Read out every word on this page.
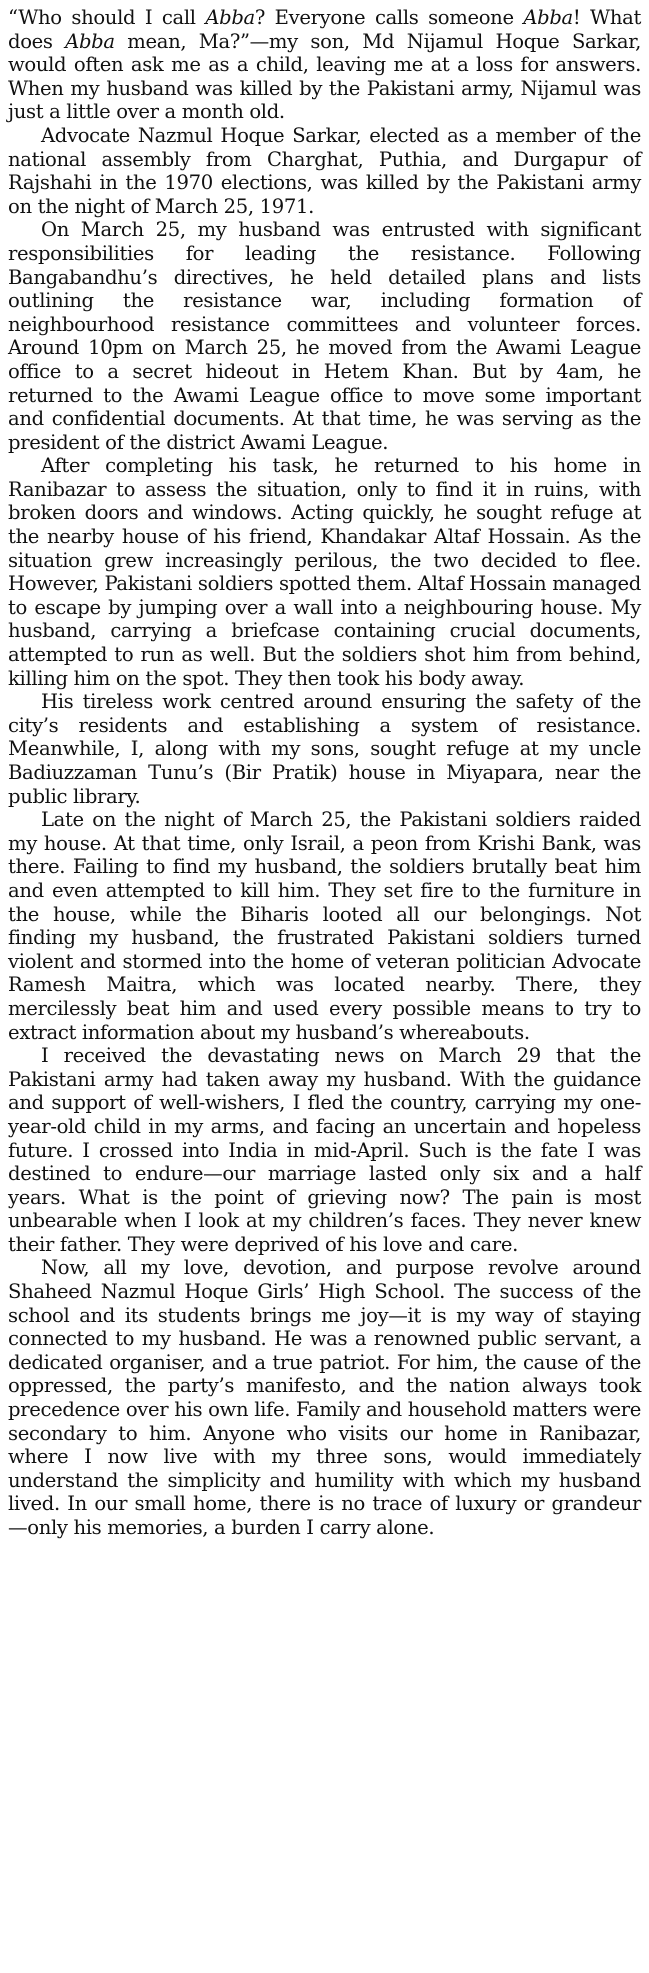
“Who should I call Abba? Everyone calls someone Abba! What does Abba mean, Ma?”—my son, Md Nijamul Hoque Sarkar, would often ask me as a child, leaving me at a loss for answers. When my husband was killed by the Pakistani army, Nijamul was just a little over a month old.

Advocate Nazmul Hoque Sarkar, elected as a member of the national assembly from Charghat, Puthia, and Durgapur of Rajshahi in the 1970 elections, was killed by the Pakistani army on the night of March 25, 1971.

On March 25, my husband was entrusted with significant responsibilities for leading the resistance. Following Bangabandhu’s directives, he held detailed plans and lists outlining the resistance war, including formation of neighbourhood resistance committees and volunteer forces. Around 10pm on March 25, he moved from the Awami League office to a secret hideout in Hetem Khan. But by 4am, he returned to the Awami League office to move some important and confidential documents. At that time, he was serving as the president of the district Awami League.

After completing his task, he returned to his home in Ranibazar to assess the situation, only to find it in ruins, with broken doors and windows. Acting quickly, he sought refuge at the nearby house of his friend, Khandakar Altaf Hossain. As the situation grew increasingly perilous, the two decided to flee. However, Pakistani soldiers spotted them. Altaf Hossain managed to escape by jumping over a wall into a neighbouring house. My husband, carrying a briefcase containing crucial documents, attempted to run as well. But the soldiers shot him from behind, killing him on the spot. They then took his body away.

His tireless work centred around ensuring the safety of the city’s residents and establishing a system of resistance. Meanwhile, I, along with my sons, sought refuge at my uncle Badiuzzaman Tunu’s (Bir Pratik) house in Miyapara, near the public library.

Late on the night of March 25, the Pakistani soldiers raided my house. At that time, only Israil, a peon from Krishi Bank, was there. Failing to find my husband, the soldiers brutally beat him and even attempted to kill him. They set fire to the furniture in the house, while the Biharis looted all our belongings. Not finding my husband, the frustrated Pakistani soldiers turned violent and stormed into the home of veteran politician Advocate Ramesh Maitra, which was located nearby. There, they mercilessly beat him and used every possible means to try to extract information about my husband’s whereabouts.

I received the devastating news on March 29 that the Pakistani army had taken away my husband. With the guidance and support of well-wishers, I fled the country, carrying my one-year-old child in my arms, and facing an uncertain and hopeless future. I crossed into India in mid-April. Such is the fate I was destined to endure—our marriage lasted only six and a half years. What is the point of grieving now? The pain is most unbearable when I look at my children’s faces. They never knew their father. They were deprived of his love and care.

Now, all my love, devotion, and purpose revolve around Shaheed Nazmul Hoque Girls’ High School. The success of the school and its students brings me joy—it is my way of staying connected to my husband. He was a renowned public servant, a dedicated organiser, and a true patriot. For him, the cause of the oppressed, the party’s manifesto, and the nation always took precedence over his own life. Family and household matters were secondary to him. Anyone who visits our home in Ranibazar, where I now live with my three sons, would immediately understand the simplicity and humility with which my husband lived. In our small home, there is no trace of luxury or grandeur—only his memories, a burden I carry alone.
